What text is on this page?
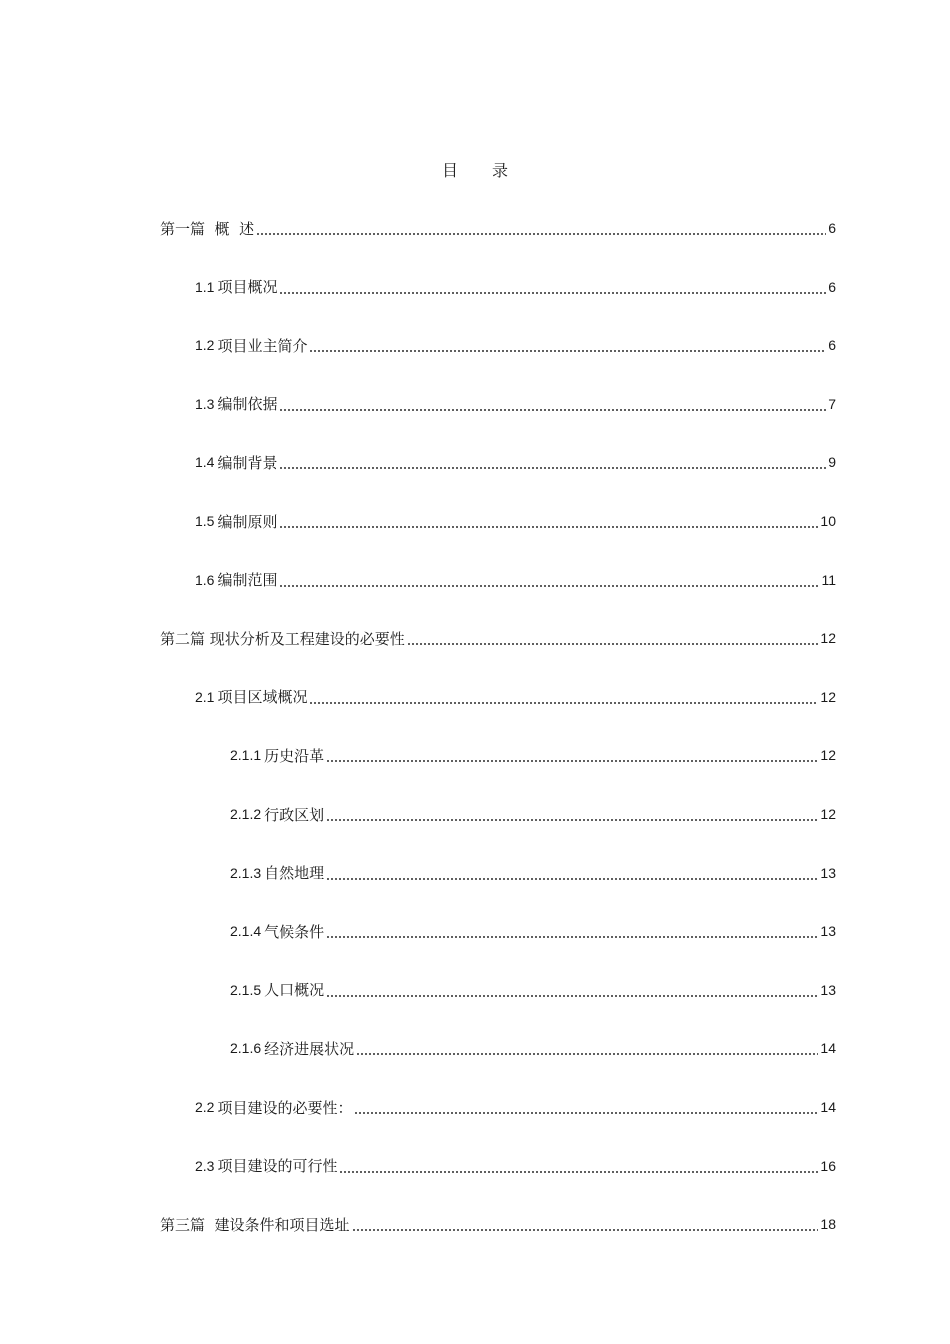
目录
第一篇  概  述	6
1.1 项目概况	6
1.2 项目业主简介	6
1.3 编制依据	7
1.4 编制背景	9
1.5 编制原则	10
1.6 编制范围	11
第二篇 现状分析及工程建设的必要性	12
2.1 项目区域概况	12
2.1.1 历史沿革	12
2.1.2 行政区划	12
2.1.3 自然地理	13
2.1.4 气候条件	13
2.1.5 人口概况	13
2.1.6 经济进展状况	14
2.2 项目建设的必要性：	14
2.3 项目建设的可行性	16
第三篇  建设条件和项目选址	18
